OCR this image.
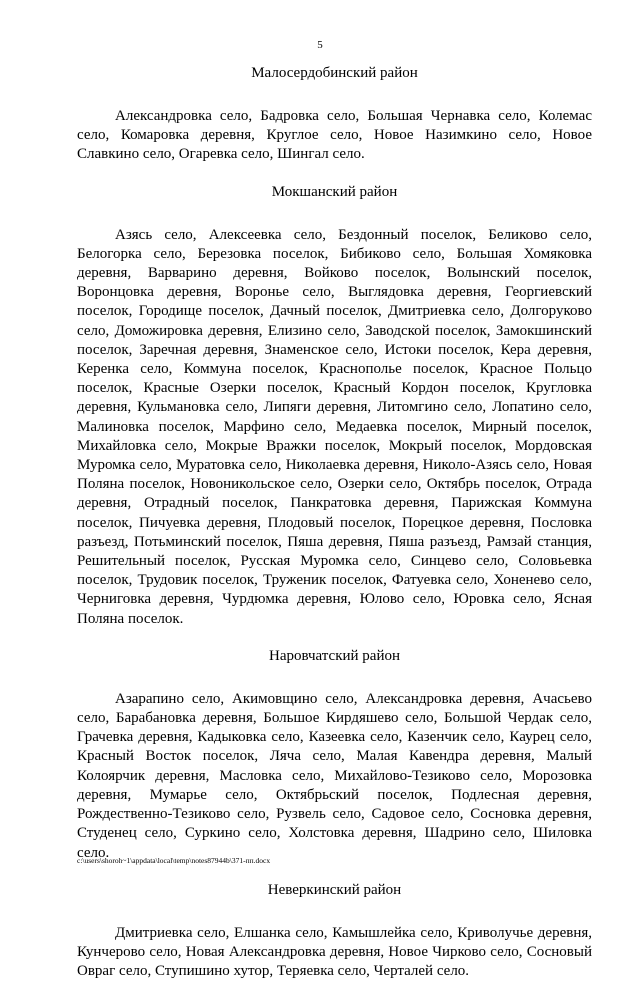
5
Малосердобинский район

Александровка село, Бадровка село, Большая Чернавка село, Колемас село, Комаровка деревня, Круглое село, Новое Назимкино село, Новое Славкино село, Огаревка село, Шингал село.

Мокшанский район

Азясь село, Алексеевка село, Бездонный поселок, Беликово село, Белогорка село, Березовка поселок, Бибиково село, Большая Хомяковка деревня, Варварино деревня, Войково поселок, Волынский поселок, Воронцовка деревня, Воронье село, Выглядовка деревня, Георгиевский поселок, Городище поселок, Дачный поселок, Дмитриевка село, Долгоруково село, Доможировка деревня, Елизино село, Заводской поселок, Замокшинский поселок, Заречная деревня, Знаменское село, Истоки поселок, Кера деревня, Керенка село, Коммуна поселок, Краснополье поселок, Красное Польцо поселок, Красные Озерки поселок, Красный Кордон поселок, Кругловка деревня, Кульмановка село, Липяги деревня, Литомгино село, Лопатино село, Малиновка поселок, Марфино село, Медаевка поселок, Мирный поселок, Михайловка село, Мокрые Вражки поселок, Мокрый поселок, Мордовская Муромка село, Муратовка село, Николаевка деревня, Николо-Азясь село, Новая Поляна поселок, Новоникольское село, Озерки село, Октябрь поселок, Отрада деревня, Отрадный поселок, Панкратовка деревня, Парижская Коммуна поселок, Пичуевка деревня, Плодовый поселок, Порецкое деревня, Пословка разъезд, Потьминский поселок, Пяша деревня, Пяша разъезд, Рамзай станция, Решительный поселок, Русская Муромка село, Синцево село, Соловьевка поселок, Трудовик поселок, Труженик поселок, Фатуевка село, Хоненево село, Черниговка деревня, Чурдюмка деревня, Юлово село, Юровка село, Ясная Поляна поселок.

Наровчатский район

Азарапино село, Акимовщино село, Александровка деревня, Ачасьево село, Барабановка деревня, Большое Кирдяшево село, Большой Чердак село, Грачевка деревня, Кадыковка село, Казеевка село, Казенчик село, Каурец село, Красный Восток поселок, Ляча село, Малая Кавендра деревня, Малый Колоярчик деревня, Масловка село, Михайлово-Тезиково село, Морозовка деревня, Мумарье село, Октябрьский поселок, Подлесная деревня, Рождественно-Тезиково село, Рузвель село, Садовое село, Сосновка деревня, Студенец село, Суркино село, Холстовка деревня, Шадрино село, Шиловка село.

Неверкинский район

Дмитриевка село, Елшанка село, Камышлейка село, Криволучье деревня, Кунчерово село, Новая Александровка деревня, Новое Чирково село, Сосновый Овраг село, Ступишино хутор, Теряевка село, Черталей село.

c:\users\shoroh~1\appdata\local\temp\notes87944b\371-пп.docx
